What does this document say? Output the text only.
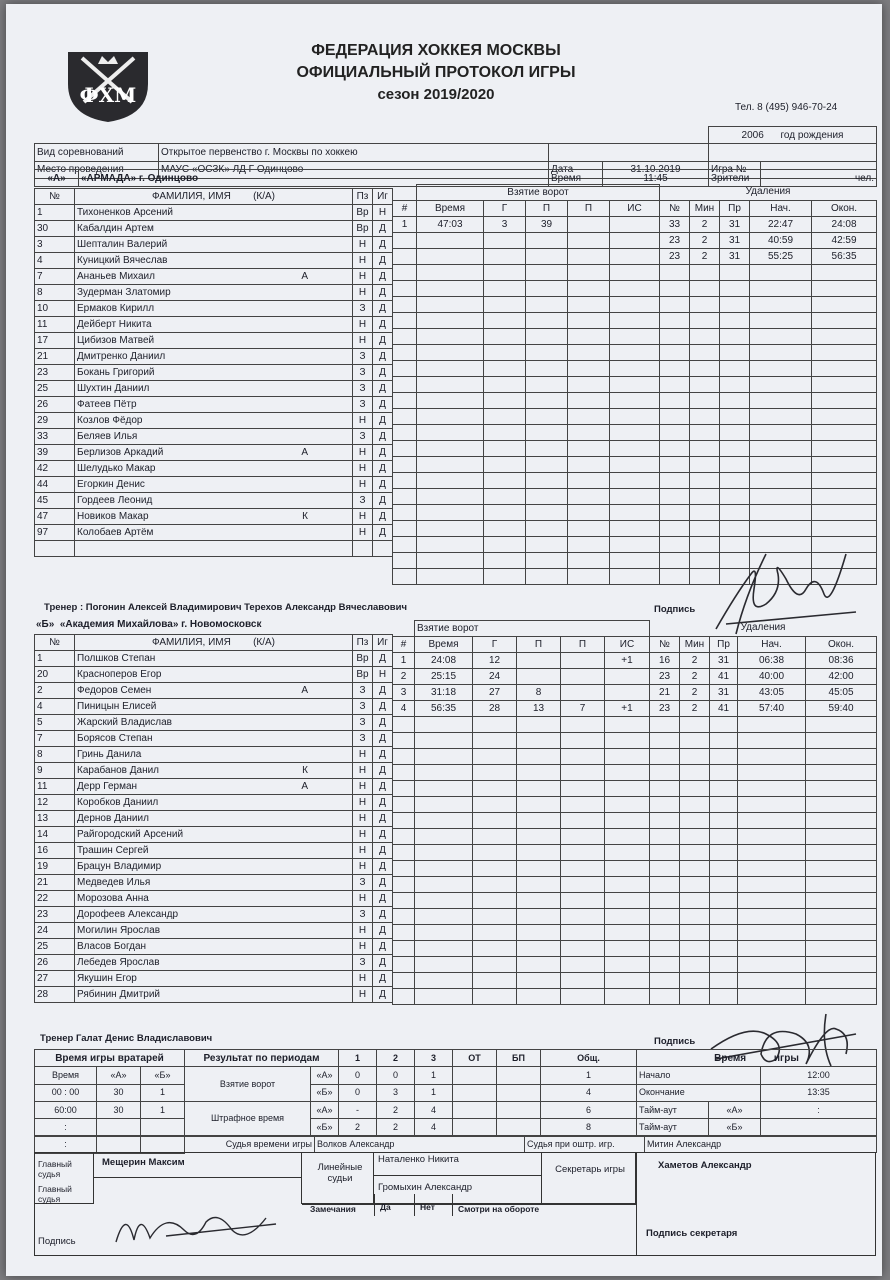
ФХМ
ФЕДЕРАЦИЯ ХОККЕЯ МОСКВЫ
ОФИЦИАЛЬНЫЙ ПРОТОКОЛ ИГРЫ
сезон 2019/2020
Тел. 8 (495) 946-70-24
				2006 год рождения	
Вид соревнований	Открытое первенство г. Москвы по хоккею				
Место проведения	МАУС «ОСЗК» ЛД Г Одинцово	Дата	31.10.2019	Игра №	
«А»	«АРМАДА» г. Одинцово	Время	11:45	Зрители	чел.
№	ФАМИЛИЯ, ИМЯ (К/А)	Пз	Иг

1	Тихоненков Арсений	Вр	Н
30	Кабалдин Артем	Вр	Д
3	Шепталин Валерий	Н	Д
4	Куницкий Вячеслав	Н	Д
7	Ананьев Михаил А	Н	Д
8	Зудерман Златомир	Н	Д
10	Ермаков Кирилл	З	Д
11	Дейберт Никита	Н	Д
17	Цибизов Матвей	Н	Д
21	Дмитренко Даниил	З	Д
23	Бокань Григорий	З	Д
25	Шухтин Даниил	З	Д
26	Фатеев Пётр	З	Д
29	Козлов Фёдор	Н	Д
33	Беляев Илья	З	Д
39	Берлизов Аркадий А	Н	Д
42	Шелудько Макар	Н	Д
44	Егоркин Денис	Н	Д
45	Гордеев Леонид	З	Д
47	Новиков Макар К	Н	Д
97	Колобаев Артём	Н	Д

	Взятие ворот				
#	Время	Г	П	П	ИС
1	47:03	3	39		

Удаления				
№	Мин	Пр	Нач.	Окон.
33	2	31	22:47	24:08
23	2	31	40:59	42:59
23	2	31	55:25	56:35

Тренер : Погонин Алексей Владимирович Терехов Александр Вячеславович	Подпись
«Б» «Академия Михайлова» г. Новомосковск
№	ФАМИЛИЯ, ИМЯ (К/А)	Пз	Иг

1	Полшков Степан	Вр	Д
20	Красноперов Егор	Вр	Н
2	Федоров Семен А	З	Д
4	Пиницын Елисей	З	Д
5	Жарский Владислав	З	Д
7	Борясов Степан	З	Д
8	Гринь Данила	Н	Д
9	Карабанов Данил К	Н	Д
11	Дерр Герман А	Н	Д
12	Коробков Даниил	Н	Д
13	Дернов Даниил	Н	Д
14	Райгородский Арсений	Н	Д
16	Трашин Сергей	Н	Д
19	Брацун Владимир	Н	Д
21	Медведев Илья	З	Д
22	Морозова Анна	Н	Д
23	Дорофеев Александр	З	Д
24	Могилин Ярослав	Н	Д
25	Власов Богдан	Н	Д
26	Лебедев Ярослав	З	Д
27	Якушин Егор	Н	Д
28	Рябинин Дмитрий	Н	Д
	Взятие ворот				
#	Время	Г	П	П	ИС
1	24:08	12			+1
2	25:15	24			
3	31:18	27	8		
4	56:35	28	13	7	+1

Удаления				
№	Мин	Пр	Нач.	Окон.
16	2	31	06:38	08:36
23	2	41	40:00	42:00
21	2	31	43:05	45:05
23	2	41	57:40	59:40

Тренер Галат Денис Владиславович	Подпись
Время игры вратарей		
Время	«А»	«Б»
00 : 00	30	1
60:00	30	1
:		
:		
Результат по периодам		1	2	3	ОТ	БП	Общ.
Взятие ворот	«А»	0	0	1			1
	«Б»	0	3	1			4
Штрафное время	«А»	-	2	4			6
	«Б»	2	2	4			8
Время игры		
Начало		12:00
Окончание		13:35
Тайм-аут	«А»	:
Тайм-аут	«Б»	
	Судья времени игры	Волков Александр	Судья при оштр. игр.	Митин Александр
Главный судья
Мещерин Максим
Главный судья
Линейные судьи
Наталенко Никита
Громыхин Александр
Секретарь игры	Хаметов Александр
Замечания	Да	Нет	Смотри на обороте
Подпись
Подпись секретаря
